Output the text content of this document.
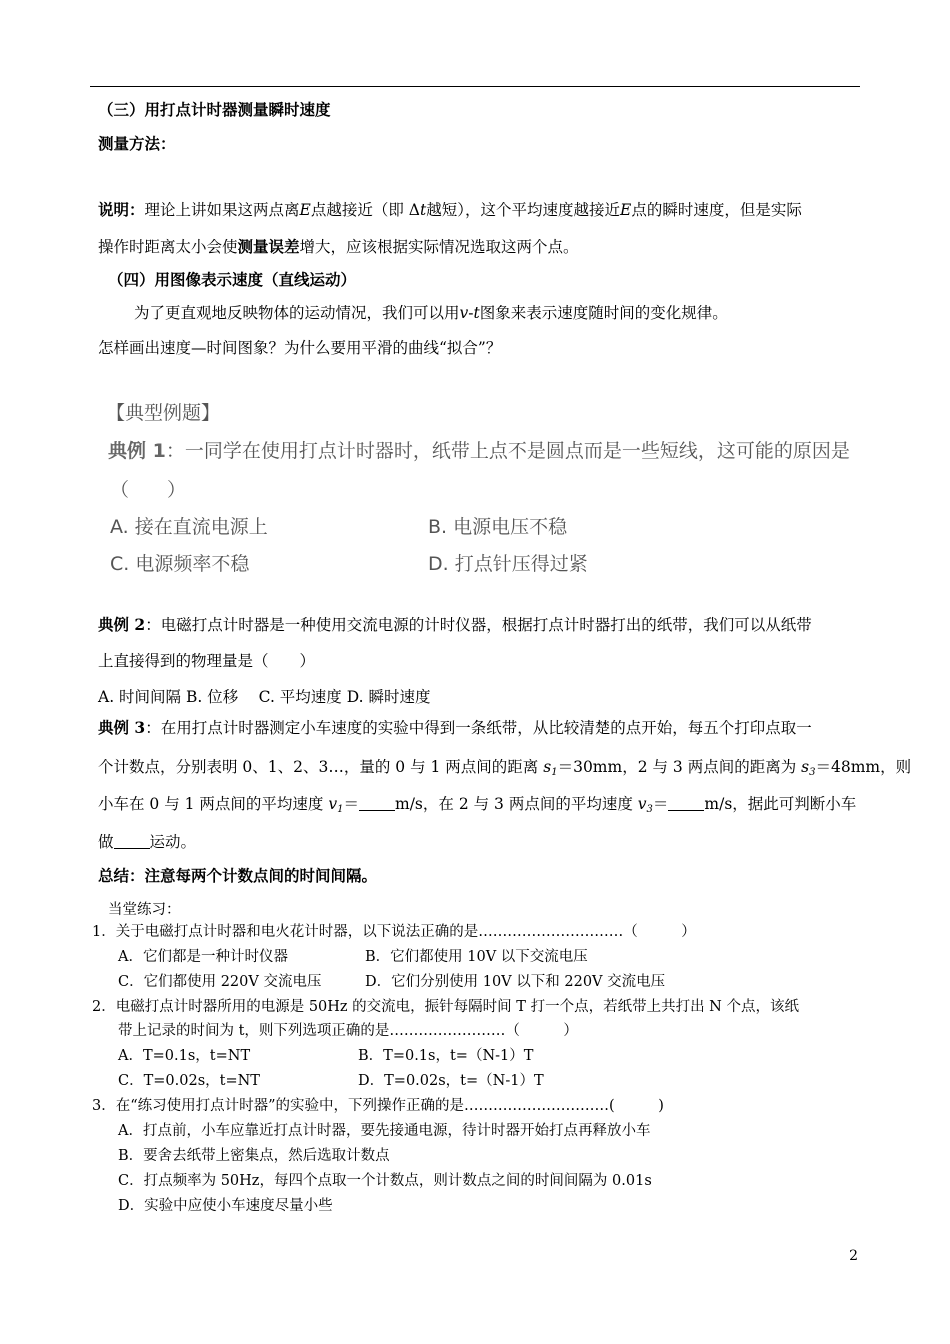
（三）用打点计时器测量瞬时速度
测量方法：
说明：理论上讲如果这两点离E点越接近（即 Δt越短），这个平均速度越接近E点的瞬时速度，但是实际
操作时距离太小会使测量误差增大，应该根据实际情况选取这两个点。
（四）用图像表示速度（直线运动）
为了更直观地反映物体的运动情况，我们可以用v-t图象来表示速度随时间的变化规律。
怎样画出速度—时间图象？为什么要用平滑的曲线“拟合”？
【典型例题】
典例 1：一同学在使用打点计时器时，纸带上点不是圆点而是一些短线，这可能的原因是
（　　）
A. 接在直流电源上	B. 电源电压不稳
C. 电源频率不稳	D. 打点针压得过紧
典例 2：电磁打点计时器是一种使用交流电源的计时仪器，根据打点计时器打出的纸带，我们可以从纸带
上直接得到的物理量是（　　）
A. 时间间隔 B. 位移 　C. 平均速度 D. 瞬时速度
典例 3：在用打点计时器测定小车速度的实验中得到一条纸带，从比较清楚的点开始，每五个打印点取一
个计数点，分别表明 0、1、2、3…，量的 0 与 1 两点间的距离 $s_1=30mm$，2 与 3 两点间的距离为 $s_3=48mm$，则
小车在 0 与 1 两点间的平均速度 $v_1= m/s$，在 2 与 3 两点间的平均速度 $v_3= m/s$，据此可判断小车
做 运动。
总结：注意每两个计数点间的时间间隔。
当堂练习：
1．关于电磁打点计时器和电火花计时器，以下说法正确的是…………………………（　　　）
A．它们都是一种计时仪器	B．它们都使用 10V 以下交流电压
C．它们都使用 220V 交流电压	D．它们分别使用 10V 以下和 220V 交流电压
2．电磁打点计时器所用的电源是 50Hz 的交流电，振针每隔时间 T 打一个点，若纸带上共打出 N 个点，该纸
带上记录的时间为 t，则下列选项正确的是……………………（　　　）
A．T=0.1s，t=NT	B．T=0.1s，t=（N-1）T
C．T=0.02s，t=NT	D．T=0.02s，t=（N-1）T
3．在“练习使用打点计时器”的实验中，下列操作正确的是…………………………(　　　)
A．打点前，小车应靠近打点计时器，要先接通电源，待计时器开始打点再释放小车
B．要舍去纸带上密集点，然后选取计数点
C．打点频率为 50Hz，每四个点取一个计数点，则计数点之间的时间间隔为 0.01s
D．实验中应使小车速度尽量小些
2
